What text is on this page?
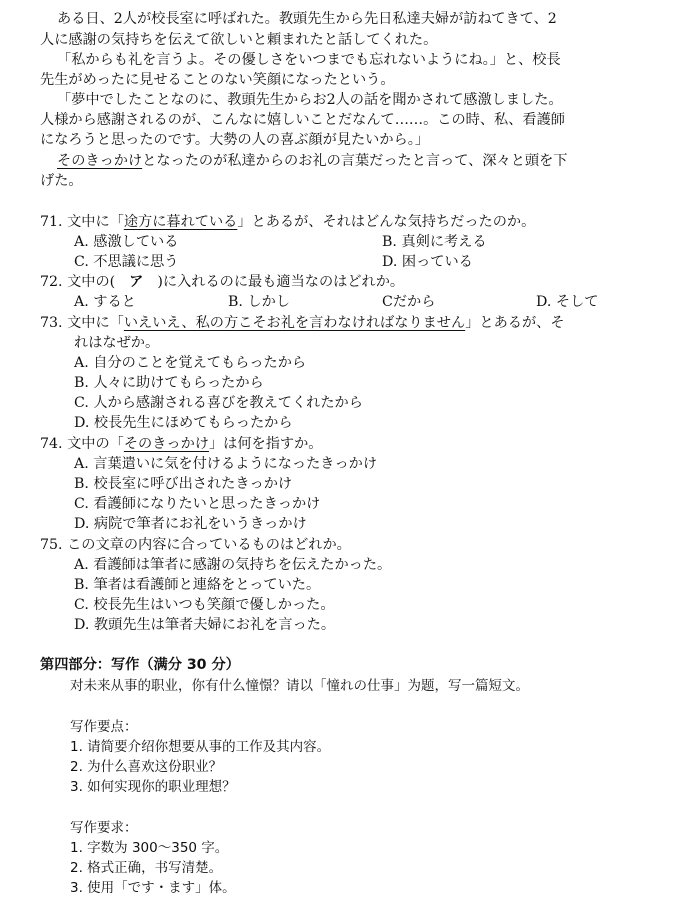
ある日、2人が校長室に呼ばれた。教頭先生から先日私達夫婦が訪ねてきて、2
人に感謝の気持ちを伝えて欲しいと頼まれたと話してくれた。
「私からも礼を言うよ。その優しさをいつまでも忘れないようにね。」と、校長
先生がめったに見せることのない笑顔になったという。
「夢中でしたことなのに、教頭先生からお2人の話を聞かされて感激しました。
人様から感謝されるのが、こんなに嬉しいことだなんて……。この時、私、看護師
になろうと思ったのです。大勢の人の喜ぶ顔が見たいから。」
そのきっかけとなったのが私達からのお礼の言葉だったと言って、深々と頭を下
げた。
71. 文中に「途方に暮れている」とあるが、それはどんな気持ちだったのか。
A. 感激している	B. 真剣に考える
C. 不思議に思う	D. 困っている
72. 文中の( ア )に入れるのに最も適当なのはどれか。
A. すると	B. しかし	Cだから	D. そして
73. 文中に「いえいえ、私の方こそお礼を言わなければなりません」とあるが、そ
れはなぜか。
A. 自分のことを覚えてもらったから
B. 人々に助けてもらったから
C. 人から感謝される喜びを教えてくれたから
D. 校長先生にほめてもらったから
74. 文中の「そのきっかけ」は何を指すか。
A. 言葉遣いに気を付けるようになったきっかけ
B. 校長室に呼び出されたきっかけ
C. 看護師になりたいと思ったきっかけ
D. 病院で筆者にお礼をいうきっかけ
75. この文章の内容に合っているものはどれか。
A. 看護師は筆者に感謝の気持ちを伝えたかった。
B. 筆者は看護師と連絡をとっていた。
C. 校長先生はいつも笑顔で優しかった。
D. 教頭先生は筆者夫婦にお礼を言った。
第四部分：写作（满分 30 分）
对未来从事的职业，你有什么憧憬？请以「憧れの仕事」为题，写一篇短文。
写作要点：
1. 请简要介绍你想要从事的工作及其内容。
2. 为什么喜欢这份职业？
3. 如何实现你的职业理想？
写作要求：
1. 字数为 300～350 字。
2. 格式正确，书写清楚。
3. 使用「です・ます」体。
